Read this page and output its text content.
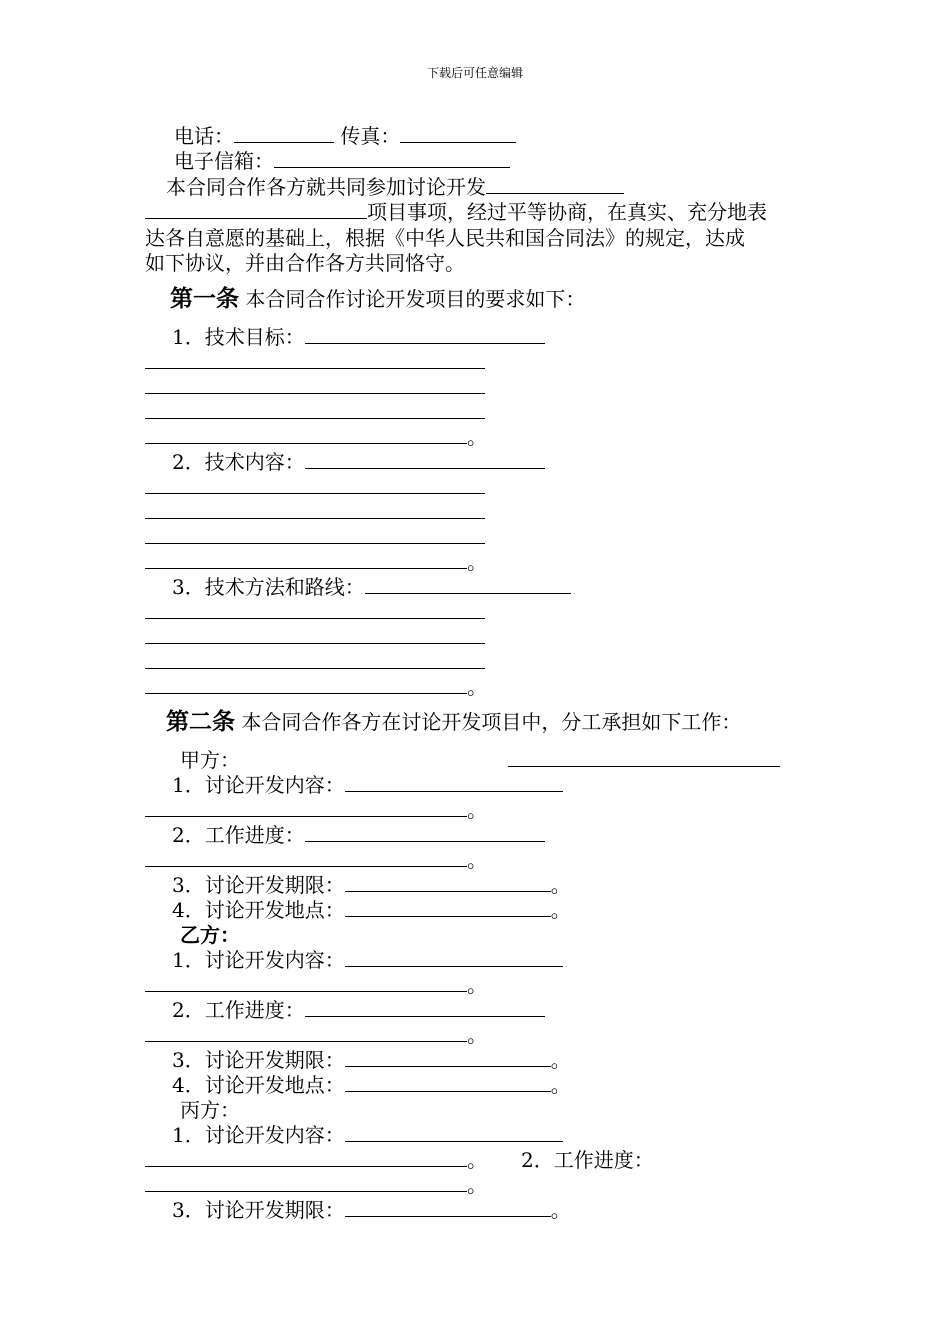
下载后可任意编辑
电话：	传真：
电子信箱：
本合同合作各方就共同参加讨论开发
项目事项，经过平等协商，在真实、充分地表
达各自意愿的基础上，根据《中华人民共和国合同法》的规定，达成
如下协议，并由合作各方共同恪守。
第一条 本合同合作讨论开发项目的要求如下：
1．技术目标：
。
2．技术内容：
。
3．技术方法和路线：
。
第二条 本合同合作各方在讨论开发项目中，分工承担如下工作：
甲方：
1．讨论开发内容：
。
2．工作进度：
。
3．讨论开发期限：	。
4．讨论开发地点：	。
乙方：
1．讨论开发内容：
。
2．工作进度：
。
3．讨论开发期限：	。
4．讨论开发地点：	。
丙方：
1．讨论开发内容：
。 2．工作进度：
。
3．讨论开发期限：	。
